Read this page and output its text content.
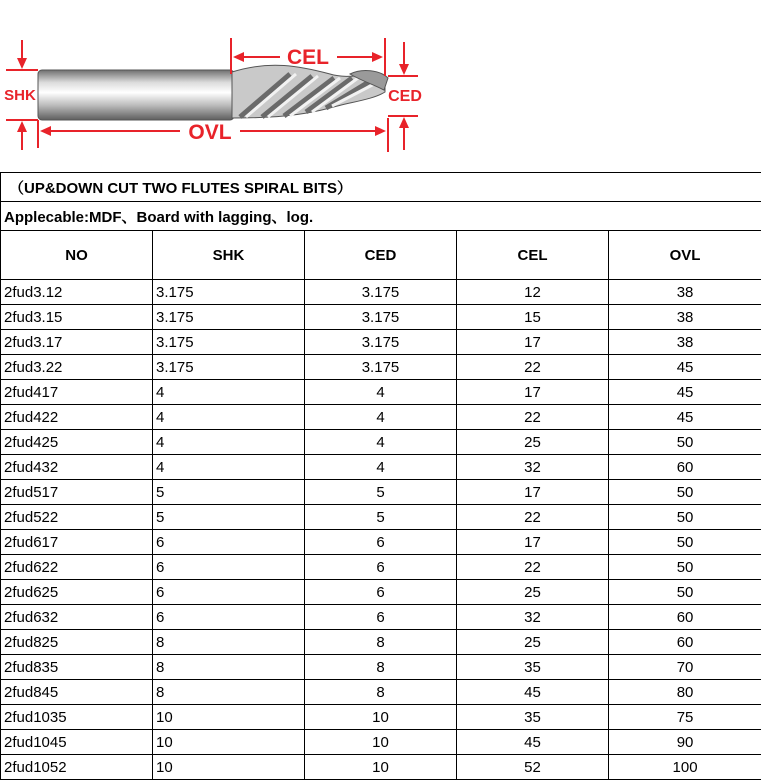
CEL
SHK	CED
OVL
（UP&DOWN CUT TWO FLUTES SPIRAL BITS）				
Applecable:MDF、Board with lagging、log.				
NO	SHK	CED	CEL	OVL
2fud3.12	3.175	3.175	12	38
2fud3.15	3.175	3.175	15	38
2fud3.17	3.175	3.175	17	38
2fud3.22	3.175	3.175	22	45
2fud417	4	4	17	45
2fud422	4	4	22	45
2fud425	4	4	25	50
2fud432	4	4	32	60
2fud517	5	5	17	50
2fud522	5	5	22	50
2fud617	6	6	17	50
2fud622	6	6	22	50
2fud625	6	6	25	50
2fud632	6	6	32	60
2fud825	8	8	25	60
2fud835	8	8	35	70
2fud845	8	8	45	80
2fud1035	10	10	35	75
2fud1045	10	10	45	90
2fud1052	10	10	52	100
